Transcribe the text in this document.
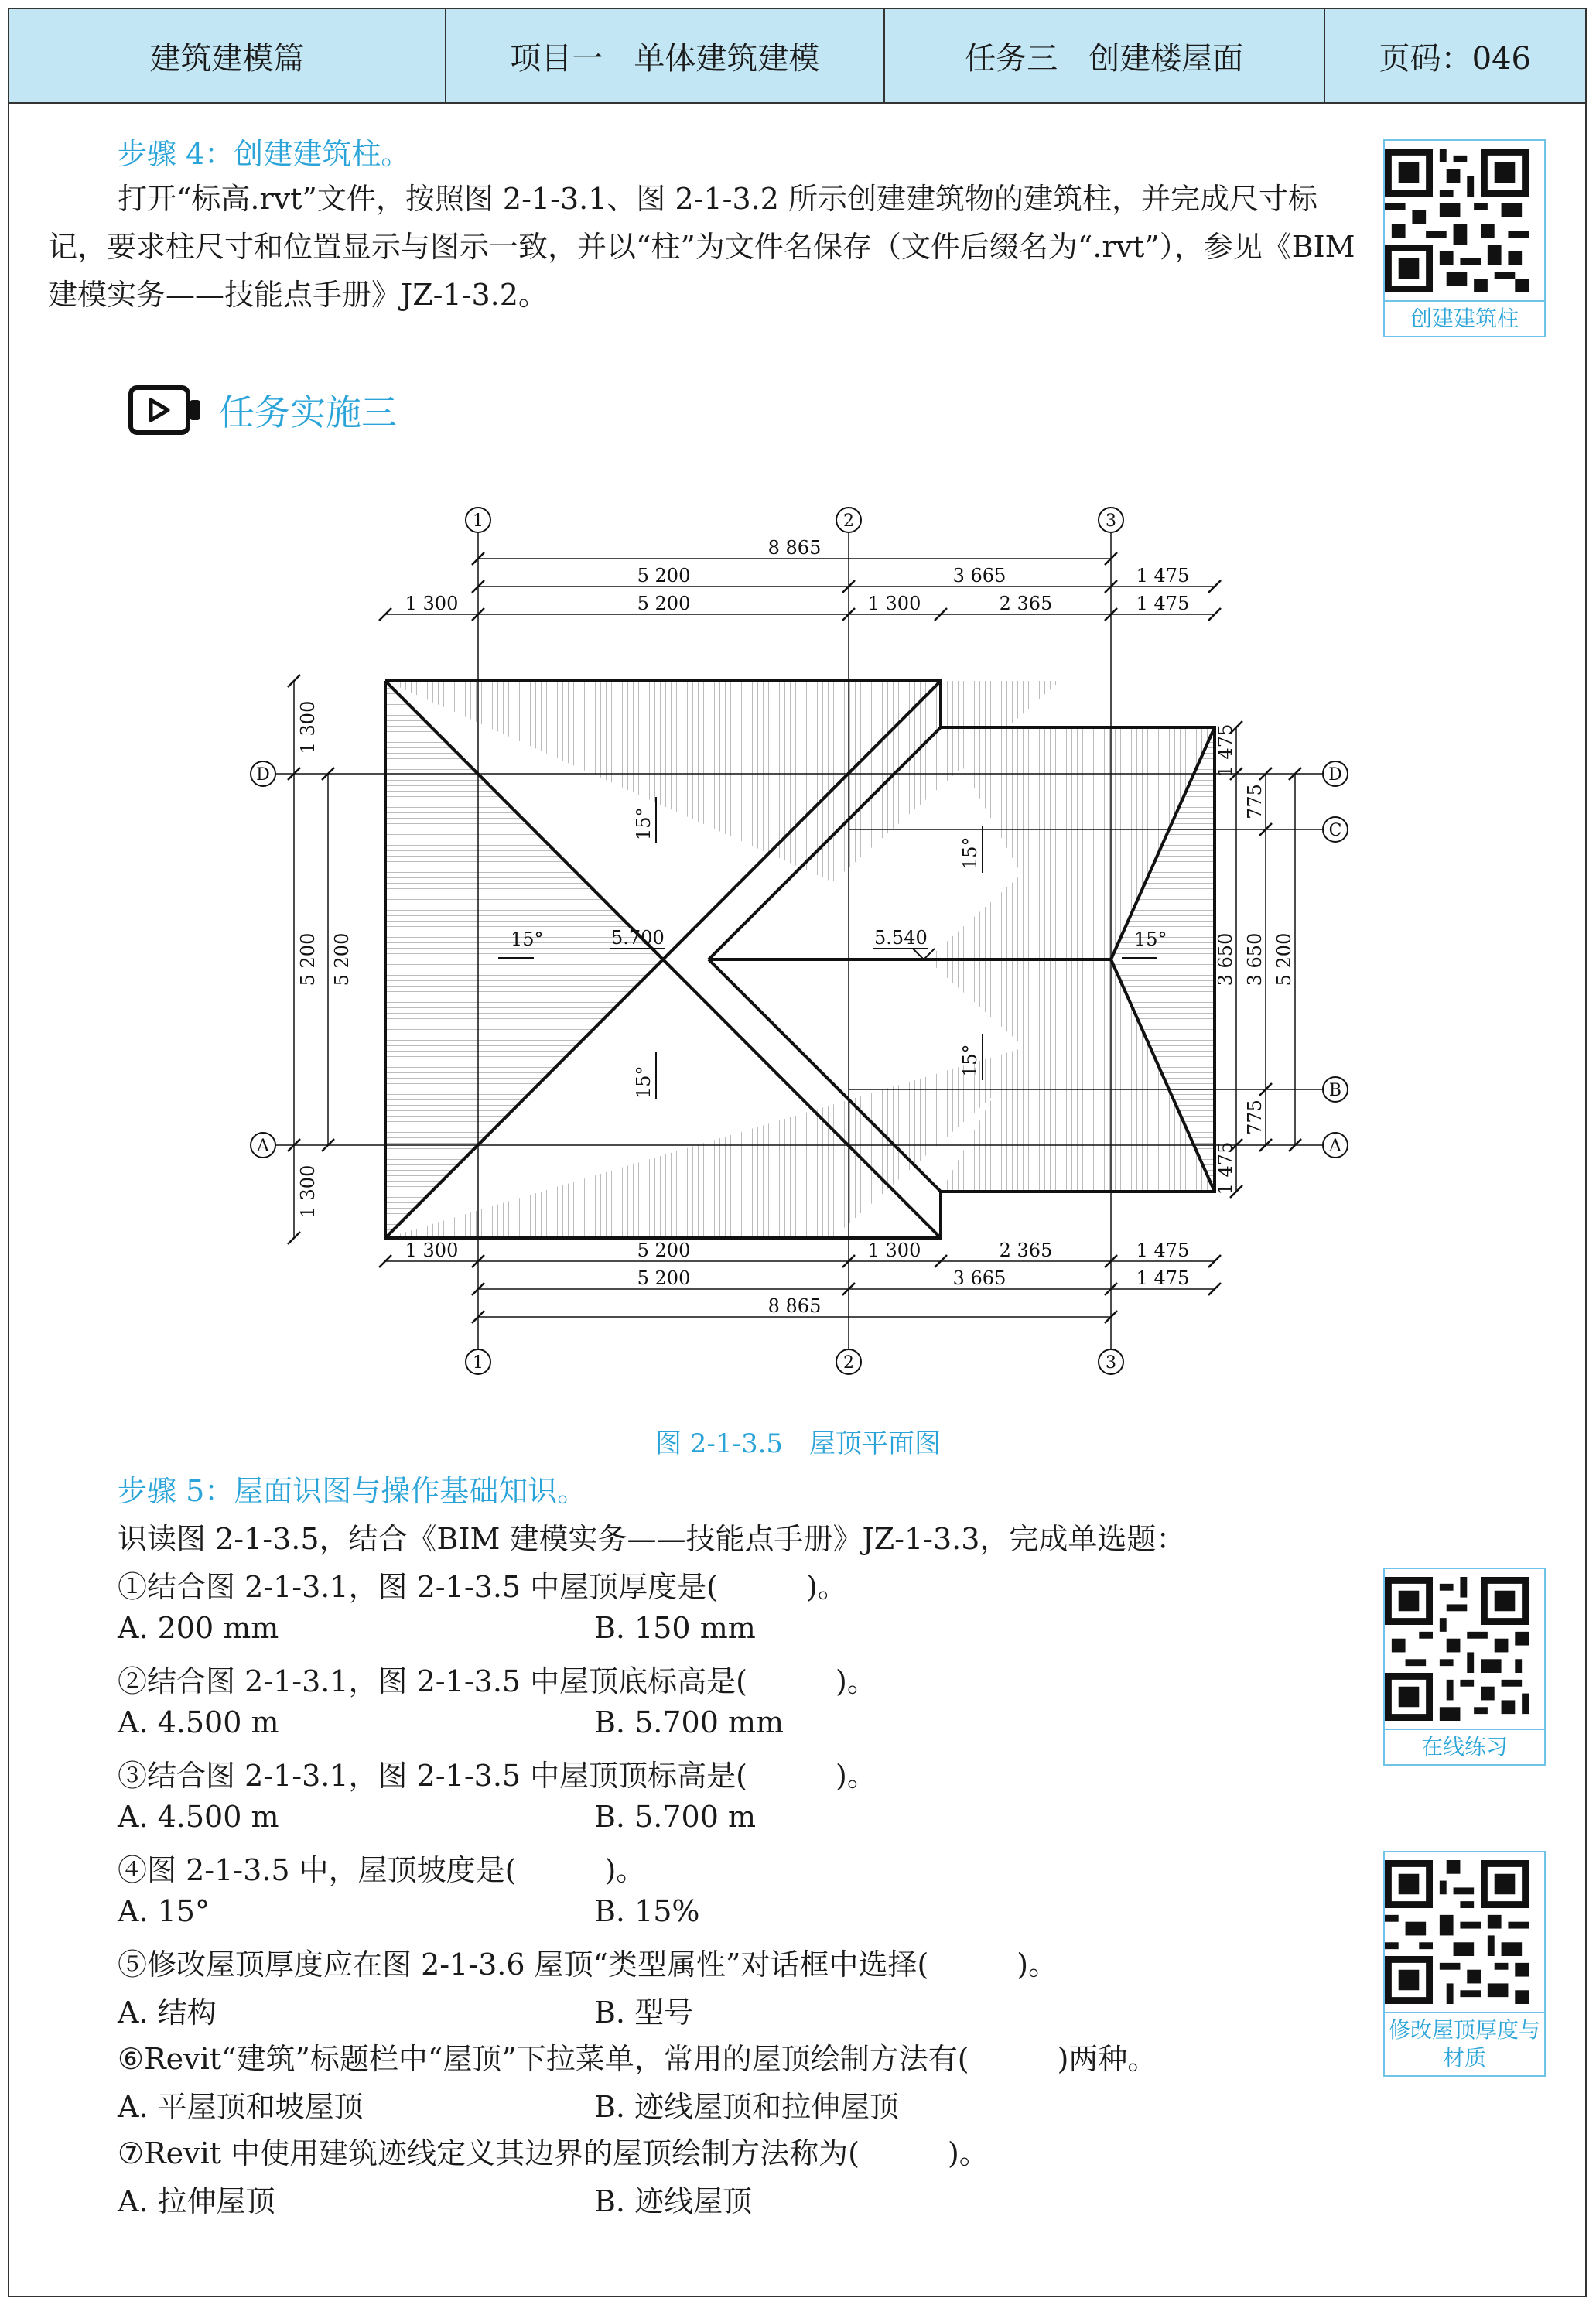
建筑建模篇	项目一　单体建筑建模	任务三　创建楼屋面	页码：046
步骤 4：创建建筑柱。
打开“标高.rvt”文件，按照图 2-1-3.1、图 2-1-3.2 所示创建建筑物的建筑柱，并完成尺寸标记，要求柱尺寸和位置显示与图示一致，并以“柱”为文件名保存（文件后缀名为“.rvt”），参见《BIM 建模实务——技能点手册》JZ-1-3.2。
创建建筑柱
任务实施三
1	2	3
1	2	3
D
A
D
C
B
A
8 865
5 200	3 665	1 475
1 300	5 200	1 300	2 365	1 475
1 300	5 200	1 300	2 365	1 475
5 200	3 665	1 475
8 865
1 300
5 200
1 300
5 200
1 475
3 650
1 475
775
3 650
775
5 200
15°	15°
15°
15°
15°
15°
5.700	5.540
图 2-1-3.5　屋顶平面图
步骤 5：屋面识图与操作基础知识。
识读图 2-1-3.5，结合《BIM 建模实务——技能点手册》JZ-1-3.3，完成单选题：
①结合图 2-1-3.1，图 2-1-3.5 中屋顶厚度是(　　　)。
A. 200 mm	B. 150 mm
②结合图 2-1-3.1，图 2-1-3.5 中屋顶底标高是(　　　)。
A. 4.500 m	B. 5.700 mm
③结合图 2-1-3.1，图 2-1-3.5 中屋顶顶标高是(　　　)。
A. 4.500 m	B. 5.700 m
④图 2-1-3.5 中，屋顶坡度是(　　　)。
A. 15°	B. 15%
⑤修改屋顶厚度应在图 2-1-3.6 屋顶“类型属性”对话框中选择(　　　)。
A. 结构	B. 型号
⑥Revit“建筑”标题栏中“屋顶”下拉菜单，常用的屋顶绘制方法有(　　　)两种。
A. 平屋顶和坡屋顶	B. 迹线屋顶和拉伸屋顶
⑦Revit 中使用建筑迹线定义其边界的屋顶绘制方法称为(　　　)。
A. 拉伸屋顶	B. 迹线屋顶
在线练习
修改屋顶厚度与材质
